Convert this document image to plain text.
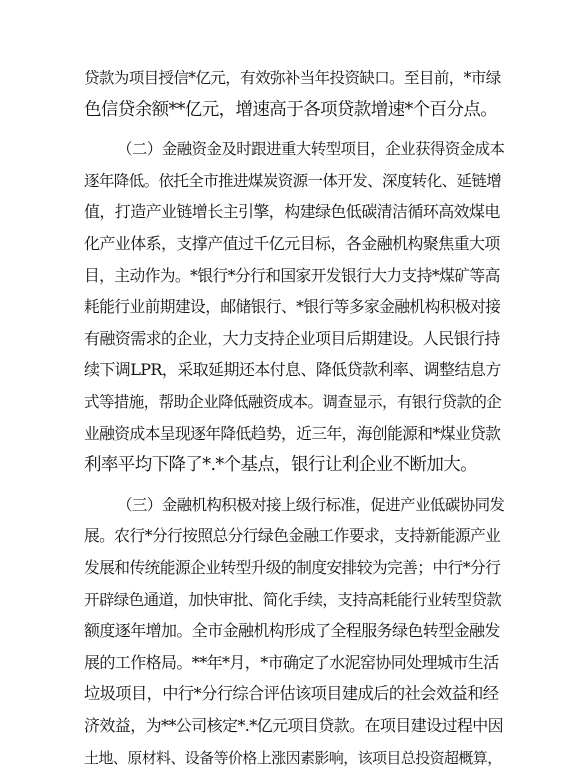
贷款为项目授信*亿元，有效弥补当年投资缺口。至目前，*市绿
色信贷余额**亿元，增速高于各项贷款增速*个百分点。
（二）金融资金及时跟进重大转型项目，企业获得资金成本
逐年降低。依托全市推进煤炭资源一体开发、深度转化、延链增
值，打造产业链增长主引擎，构建绿色低碳清洁循环高效煤电
化产业体系，支撑产值过千亿元目标，各金融机构聚焦重大项
目，主动作为。*银行*分行和国家开发银行大力支持*煤矿等高
耗能行业前期建设，邮储银行、*银行等多家金融机构积极对接
有融资需求的企业，大力支持企业项目后期建设。人民银行持
续下调LPR，采取延期还本付息、降低贷款利率、调整结息方
式等措施，帮助企业降低融资成本。调查显示，有银行贷款的企
业融资成本呈现逐年降低趋势，近三年，海创能源和*煤业贷款
利率平均下降了*.*个基点，银行让利企业不断加大。
（三）金融机构积极对接上级行标准，促进产业低碳协同发
展。农行*分行按照总分行绿色金融工作要求，支持新能源产业
发展和传统能源企业转型升级的制度安排较为完善；中行*分行
开辟绿色通道，加快审批、简化手续，支持高耗能行业转型贷款
额度逐年增加。全市金融机构形成了全程服务绿色转型金融发
展的工作格局。**年*月，*市确定了水泥窑协同处理城市生活
垃圾项目，中行*分行综合评估该项目建成后的社会效益和经
济效益，为**公司核定*.*亿元项目贷款。在项目建设过程中因
土地、原材料、设备等价格上涨因素影响，该项目总投资超概算，
